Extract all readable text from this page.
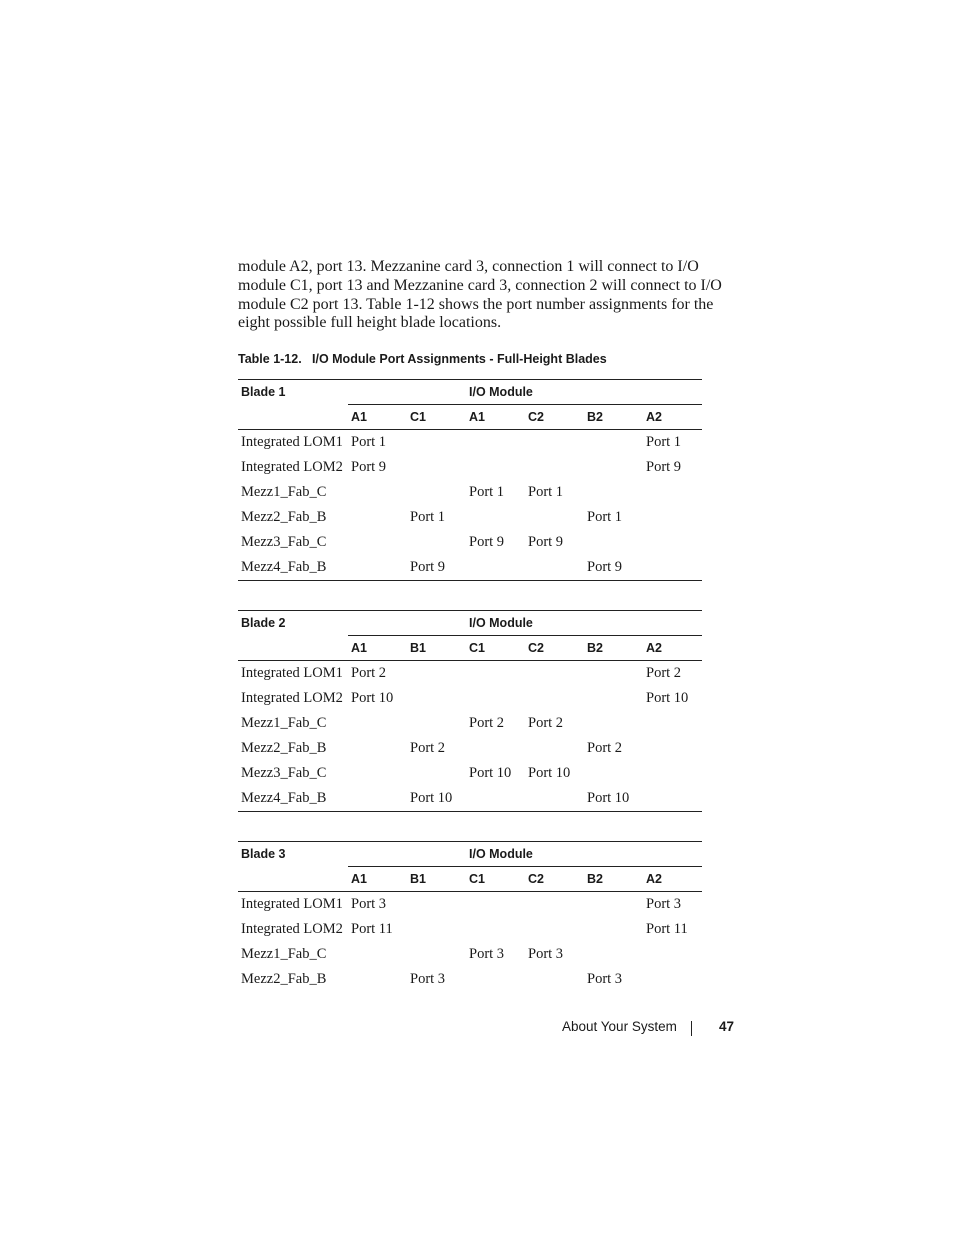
module A2, port 13. Mezzanine card 3, connection 1 will connect to I/O module C1, port 13 and Mezzanine card 3, connection 2 will connect to I/O module C2 port 13. Table 1-12 shows the port number assignments for the eight possible full height blade locations.

Table 1-12. I/O Module Port Assignments - Full-Height Blades

Blade 1			I/O Module			
	A1	C1	A1	C2	B2	A2
Integrated LOM1	Port 1					Port 1
Integrated LOM2	Port 9					Port 9
Mezz1_Fab_C			Port 1	Port 1		
Mezz2_Fab_B		Port 1			Port 1	
Mezz3_Fab_C			Port 9	Port 9		
Mezz4_Fab_B		Port 9			Port 9	
Blade 2			I/O Module			
	A1	B1	C1	C2	B2	A2
Integrated LOM1	Port 2					Port 2
Integrated LOM2	Port 10					Port 10
Mezz1_Fab_C			Port 2	Port 2		
Mezz2_Fab_B		Port 2			Port 2	
Mezz3_Fab_C			Port 10	Port 10		
Mezz4_Fab_B		Port 10			Port 10	
Blade 3			I/O Module			
	A1	B1	C1	C2	B2	A2
Integrated LOM1	Port 3					Port 3
Integrated LOM2	Port 11					Port 11
Mezz1_Fab_C			Port 3	Port 3		
Mezz2_Fab_B		Port 3			Port 3	
About Your System	47
